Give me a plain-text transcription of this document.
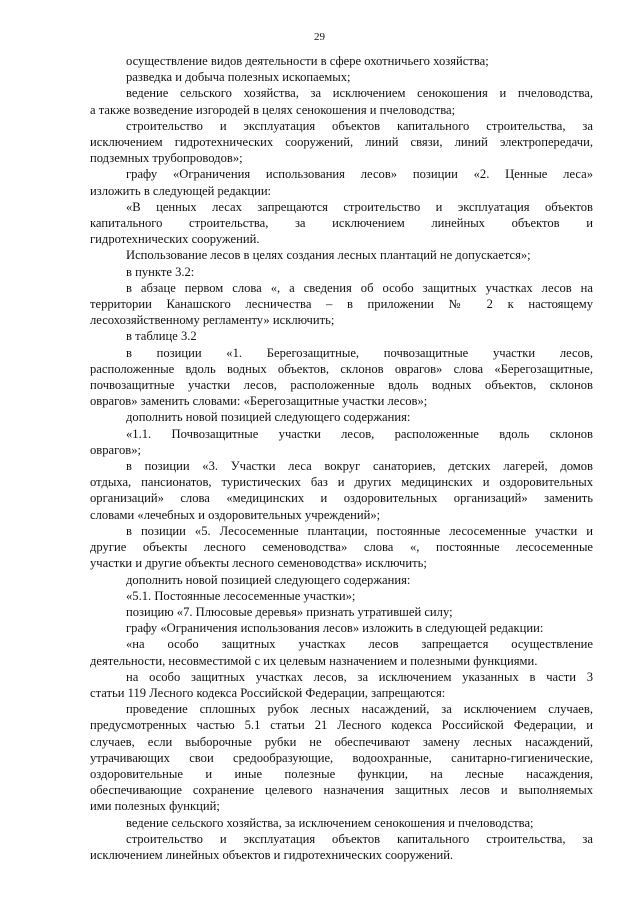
29
осуществление видов деятельности в сфере охотничьего хозяйства;
разведка и добыча полезных ископаемых;
ведение сельского хозяйства, за исключением сенокошения и пчеловодства,
а также возведение изгородей в целях сенокошения и пчеловодства;
строительство и эксплуатация объектов капитального строительства, за
исключением гидротехнических сооружений, линий связи, линий электропередачи,
подземных трубопроводов»;
графу «Ограничения использования лесов» позиции «2. Ценные леса»
изложить в следующей редакции:
«В ценных лесах запрещаются строительство и эксплуатация объектов
капитального строительства, за исключением линейных объектов и
гидротехнических сооружений.
Использование лесов в целях создания лесных плантаций не допускается»;
в пункте 3.2:
в абзаце первом слова «, а сведения об особо защитных участках лесов на
территории Канашского лесничества – в приложении № 2 к настоящему
лесохозяйственному регламенту» исключить;
в таблице 3.2
в позиции «1. Берегозащитные, почвозащитные участки лесов,
расположенные вдоль водных объектов, склонов оврагов» слова «Берегозащитные,
почвозащитные участки лесов, расположенные вдоль водных объектов, склонов
оврагов» заменить словами: «Берегозащитные участки лесов»;
дополнить новой позицией следующего содержания:
«1.1. Почвозащитные участки лесов, расположенные вдоль склонов
оврагов»;
в позиции «3. Участки леса вокруг санаториев, детских лагерей, домов
отдыха, пансионатов, туристических баз и других медицинских и оздоровительных
организаций» слова «медицинских и оздоровительных организаций» заменить
словами «лечебных и оздоровительных учреждений»;
в позиции «5. Лесосеменные плантации, постоянные лесосеменные участки и
другие объекты лесного семеноводства» слова «, постоянные лесосеменные
участки и другие объекты лесного семеноводства» исключить;
дополнить новой позицией следующего содержания:
«5.1. Постоянные лесосеменные участки»;
позицию «7. Плюсовые деревья» признать утратившей силу;
графу «Ограничения использования лесов» изложить в следующей редакции:
«на особо защитных участках лесов запрещается осуществление
деятельности, несовместимой с их целевым назначением и полезными функциями.
на особо защитных участках лесов, за исключением указанных в части 3
статьи 119 Лесного кодекса Российской Федерации, запрещаются:
проведение сплошных рубок лесных насаждений, за исключением случаев,
предусмотренных частью 5.1 статьи 21 Лесного кодекса Российской Федерации, и
случаев, если выборочные рубки не обеспечивают замену лесных насаждений,
утрачивающих свои средообразующие, водоохранные, санитарно-гигиенические,
оздоровительные и иные полезные функции, на лесные насаждения,
обеспечивающие сохранение целевого назначения защитных лесов и выполняемых
ими полезных функций;
ведение сельского хозяйства, за исключением сенокошения и пчеловодства;
строительство и эксплуатация объектов капитального строительства, за
исключением линейных объектов и гидротехнических сооружений.
